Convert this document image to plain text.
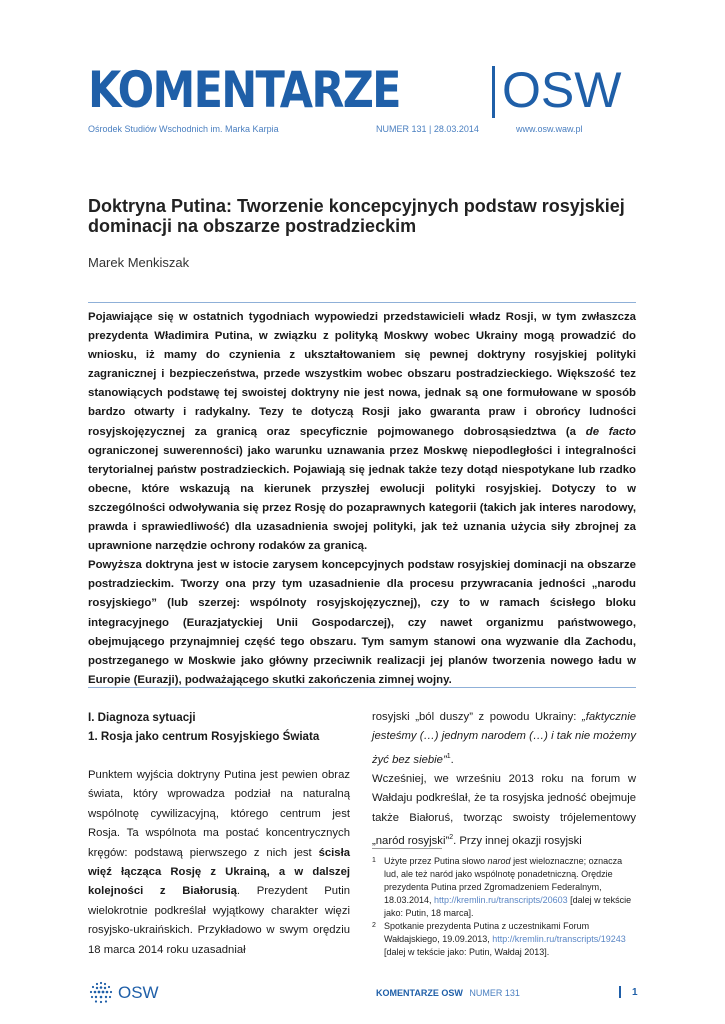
KOMENTARZE OSW
Ośrodek Studiów Wschodnich im. Marka Karpia	NUMER 131 | 28.03.2014	www.osw.waw.pl
Doktryna Putina: Tworzenie koncepcyjnych podstaw rosyjskiej dominacji na obszarze postradzieckim
Marek Menkiszak

Pojawiające się w ostatnich tygodniach wypowiedzi przedstawicieli władz Rosji, w tym zwłaszcza prezydenta Władimira Putina, w związku z polityką Moskwy wobec Ukrainy mogą prowadzić do wniosku, iż mamy do czynienia z ukształtowaniem się pewnej doktryny rosyjskiej polityki zagranicznej i bezpieczeństwa, przede wszystkim wobec obszaru postradzieckiego. Większość tez stanowiących podstawę tej swoistej doktryny nie jest nowa, jednak są one formułowane w sposób bardzo otwarty i radykalny. Tezy te dotyczą Rosji jako gwaranta praw i obrońcy ludności rosyjskojęzycznej za granicą oraz specyficznie pojmowanego dobrosąsiedztwa (a de facto ograniczonej suwerenności) jako warunku uznawania przez Moskwę niepodległości i integralności terytorialnej państw postradzieckich. Pojawiają się jednak także tezy dotąd niespotykane lub rzadko obecne, które wskazują na kierunek przyszłej ewolucji polityki rosyjskiej. Dotyczy to w szczególności odwoływania się przez Rosję do pozaprawnych kategorii (takich jak interes narodowy, prawda i sprawiedliwość) dla uzasadnienia swojej polityki, jak też uznania użycia siły zbrojnej za uprawnione narzędzie ochrony rodaków za granicą.

Powyższa doktryna jest w istocie zarysem koncepcyjnych podstaw rosyjskiej dominacji na obszarze postradzieckim. Tworzy ona przy tym uzasadnienie dla procesu przywracania jedności „narodu rosyjskiego” (lub szerzej: wspólnoty rosyjskojęzycznej), czy to w ramach ścisłego bloku integracyjnego (Eurazjatyckiej Unii Gospodarczej), czy nawet organizmu państwowego, obejmującego przynajmniej część tego obszaru. Tym samym stanowi ona wyzwanie dla Zachodu, postrzeganego w Moskwie jako główny przeciwnik realizacji jej planów tworzenia nowego ładu w Europie (Eurazji), podważającego skutki zakończenia zimnej wojny.

I. Diagnoza sytuacji
1. Rosja jako centrum Rosyjskiego Świata

Punktem wyjścia doktryny Putina jest pewien obraz świata, który wprowadza podział na naturalną wspólnotę cywilizacyjną, którego centrum jest Rosja. Ta wspólnota ma postać koncentrycznych kręgów: podstawą pierwszego z nich jest ścisła więź łącząca Rosję z Ukrainą, a w dalszej kolejności z Białorusią. Prezydent Putin wielokrotnie podkreślał wyjątkowy charakter więzi rosyjsko-ukraińskich. Przykładowo w swym orędziu 18 marca 2014 roku uzasadniał

rosyjski „ból duszy” z powodu Ukrainy: „faktycznie jesteśmy (…) jednym narodem (…) i tak nie możemy żyć bez siebie”$^1$.

Wcześniej, we wrześniu 2013 roku na forum w Wałdaju podkreślał, że ta rosyjska jedność obejmuje także Białoruś, tworząc swoisty trójelementowy „naród rosyjski”$^2$. Przy innej okazji rosyjski

1 Użyte przez Putina słowo narod jest wieloznaczne; oznacza lud, ale też naród jako wspólnotę ponadetniczną. Orędzie prezydenta Putina przed Zgromadzeniem Federalnym, 18.03.2014, http://kremlin.ru/transcripts/20603 [dalej w tekście jako: Putin, 18 marca].
2 Spotkanie prezydenta Putina z uczestnikami Forum Wałdajskiego, 19.09.2013, http://kremlin.ru/transcripts/19243 [dalej w tekście jako: Putin, Wałdaj 2013].
OSW	KOMENTARZE OSW NUMER 131	1
